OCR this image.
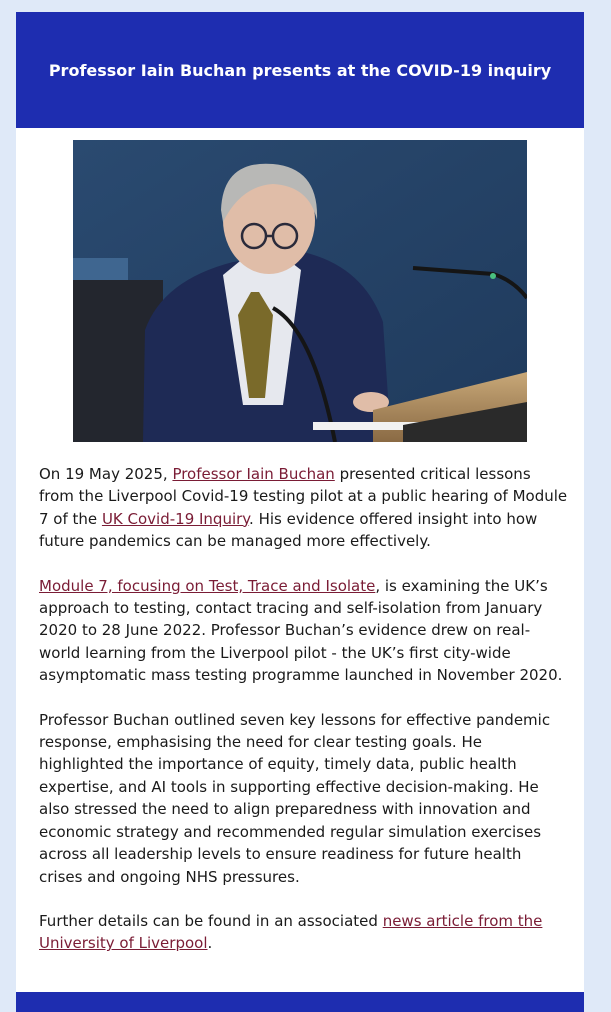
Professor Iain Buchan presents at the COVID-19 inquiry

On 19 May 2025, Professor Iain Buchan presented critical lessons from the Liverpool Covid-19 testing pilot at a public hearing of Module 7 of the UK Covid-19 Inquiry. His evidence offered insight into how future pandemics can be managed more effectively.

Module 7, focusing on Test, Trace and Isolate, is examining the UK’s approach to testing, contact tracing and self-isolation from January 2020 to 28 June 2022. Professor Buchan’s evidence drew on real-world learning from the Liverpool pilot - the UK’s first city-wide asymptomatic mass testing programme launched in November 2020.

Professor Buchan outlined seven key lessons for effective pandemic response, emphasising the need for clear testing goals. He highlighted the importance of equity, timely data, public health expertise, and AI tools in supporting effective decision-making. He also stressed the need to align preparedness with innovation and economic strategy and recommended regular simulation exercises across all leadership levels to ensure readiness for future health crises and ongoing NHS pressures.

Further details can be found in an associated news article from the University of Liverpool.
